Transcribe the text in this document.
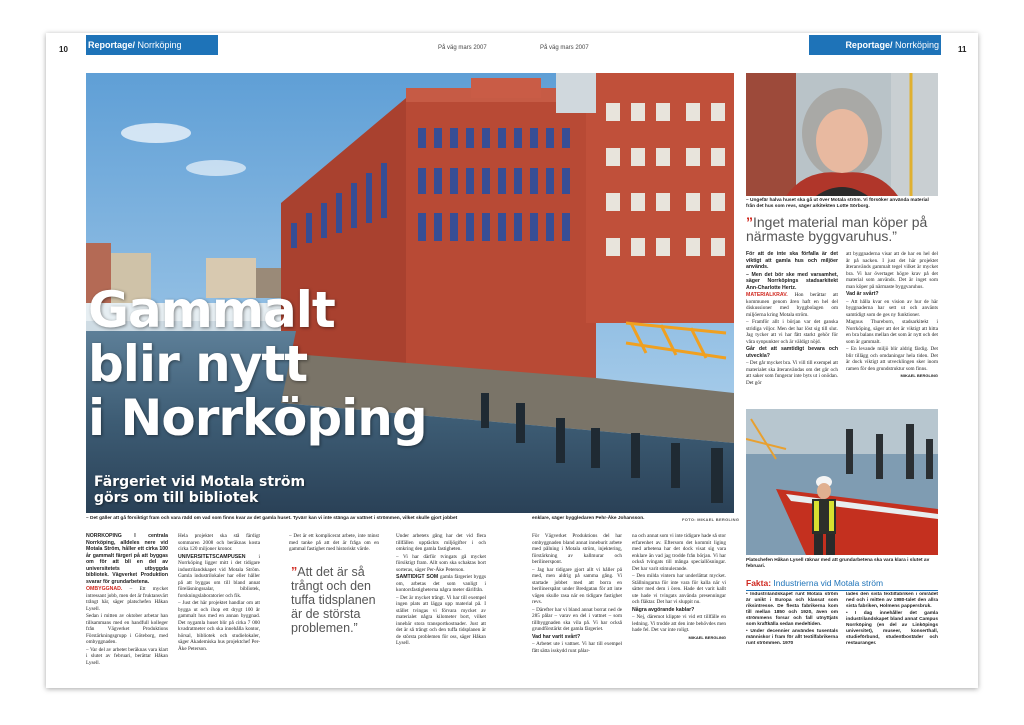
10 Reportage/ Norrköping	På väg mars 2007	På väg mars 2007	Reportage/ Norrköping 11
Gammalt
blir nytt
i Norrköping
Färgeriet vid Motala ström görs om till bibliotek
– Det gäller att gå försiktigt fram och vara rädd om vad som finns kvar av det gamla huset. Tyvärr kan vi inte stänga av vattnet i strömmen, vilket skulle gjort jobbet	enklare, säger byggledaren Pehr-Åke Johansson.	FOTO: MIKAEL BERGLING
– Ungefär halva huset ska gå ut över Motala ström. Vi försöker använda material från det hus som revs, säger arkitekten Lotte Sörborg.
”Inget material man köper på närmaste byggvaruhus.”

För att de inte ska förfalla är det viktigt att gamla hus och miljöer används.

– Men det bör ske med varsamhet, säger Norrköpings stadsarkitekt Ann-Charlotte Hertz.

MATERIALKRAV. Hon berättar att kommunen genom åren haft en hel del diskussioner med byggbolagen om miljöerna kring Motala ström.

– Framför allt i början var det ganska stridiga viljor. Men det har löst sig till slut. Jag tycker att vi har fått starkt gehör för våra synpunkter och är väldigt nöjd.

Går det att samtidigt bevara och utveckla?

– Det går mycket bra. Vi vill till exempel att materialet ska återanvändas om det går och att saker som fungerar inte byts ut i onödan. Det gör

att byggnaderna visar att de har en hel del år på nacken. I just det här projektet återanvänds gammalt tegel vilket är mycket bra. Vi har övertaget högre krav på det material som används. Det är inget som man köper på närmaste byggvaruhus.

Vad är svårt?

– Att hålla kvar en vision av hur de här byggnaderna har sett ut och använts samtidigt som de ges ny funktioner.

Magnus Thureborn, stadsarkitekt i Norrköping, säger att det är viktigt att hitta en bra balans mellan det som är nytt och det som är gammalt.

– En levande miljö blir aldrig färdig. Det blir tillägg och omdaningar hela tiden. Det är dock viktigt att utvecklingen sker inom ramen för den grundstruktur som finns.

MIKAEL BERGLING

Platschefen Håkan Lysell räknar med att grundarbetena ska vara klara i slutet av februari.
Fakta: Industrierna vid Motala ström

• Industrilandskapet runt Motala ström är unikt i Europa och klassat som riksintresse. De flesta fabrikerna kom till mellan 1850 och 1920, även om strömmens forsar och fall utnyttjats som kraftkälla sedan medeltiden.

• Under decennier användes tusentals människor i fram för allt textilfabrikerna runt strömmen. 1970

lades den sista textilfabriken i området ned och i mitten av 1980-talet den allra sista fabriken, Holmens pappersbruk.

• I dag innehåller det gamla industrilandskapet bland annat Campus Norrköping (en del av Linköpings universitet), museer, konserthall, studieförbund, studentbostäder och restauranger.

NORRKÖPING I centrala Norrköping, alldeles nere vid Motala Ström, håller ett cirka 100 år gammalt färgeri på att byggas om för att bli en del av universitetets utbyggda bibliotek. Vägverket Produktion svarar för grundarbetena.

OMBYGGNAD. – Ett mycket intressant jobb, men det är fruktansvärt trångt här, säger platschefen Håkan Lysell.

Sedan i mitten av oktober arbetar han tillsammans med en handfull kolleger från Vägverket Produktions Förstärkningsgrupp i Göteborg, med ombyggnaden.

– Var del av arbetet beräknas vara klart i slutet av februari, berättar Håkan Lysell.

Hela projektet ska stå färdigt sommaren 2008 och beräknas kosta cirka 120 miljoner kronor.

UNIVERSITETSCAMPUSEN i Norrköping ligger mitt i det tidigare industrilandskapet vid Motala Ström. Gamla industrilokaler har eller håller på att byggas om till bland annat föreläsningssalar, bibliotek, forskningslaboratorier och fik.

– Just det här projektet handlar om att bygga ut och ihop ett drygt 100 år gammalt hus med en annan byggnad. Det nygamla huset blir på cirka 7 000 kvadratmeter och ska innehålla kontor, hörsal, bibliotek och studielokaler, säger Akademiska hus projektchef Per-Åke Peterson.

– Det är ett komplicerat arbete, inte minst med tanke på att det är fråga om en gammal fastighet med historiskt värde.

”Att det är så trångt och den tuffa tidsplanen är de största problemen.”

Under arbetets gång har det vid flera tillfällen upptäckts miljögifter i och omkring den gamla fastigheten.

– Vi har därför tvingats gå mycket försiktigt fram. Allt som ska schaktas bort sorteras, säger Per-Åke Peterson.

SAMTIDIGT SOM gamla färgeriet byggs om, arbetas det som vanligt i kontorsfastigheterna några meter därifrån.

– Det är mycket trångt. Vi har till exempel ingen plats att lägga upp material på. I stället tvingas vi förvara mycket av materialet några kilometer bort, vilket innebär stora transportkostnader. Just att det är så trångt och den tuffa tidsplanen är de största problemen för oss, säger Håkan Lysell.

För Vägverket Produktions del har ombyggnaden bland annat inneburit arbete med pålning i Motala ström, injektering, förstärkning av kallmurar och berilinerspont.

– Jag har tidigare gjort allt vi håller på med, men aldrig på samma gång. Vi startade jobbet med att borra en berilinerspånt under Bredgatan för att inte vägen skulle rasa när en tidigare fastighet revs.

– Därefter har vi bland annat borrat ned de 285 pålar – varav en del i vattnet – som tillbyggnaden ska vila på. Vi har också grundförstärkt det gamla färgeriet.

Vad har varit svårt?

– Arbetet ute i vattnet. Vi har till exempel fått sätta isskydd runt pålar-

na och annat som vi inte tidigare hade så stor erfarenhet av. Eftersom det kommit liging med arbetena har det dock visat sig vara enklare än vad jag trodde från början. Vi har också tvingats till många speciallösningar. Det har varit stimulerande.

– Den milda vintern har underlättat mycket. Ställningarna för inte vara för kalla när vi sätter med dem i ören. Hade det varit kallt ute hade vi tvingats använda presenningar och fläktar. Det har vi sluppit nu.

Några avgörande kablar?

– Nej, däremot klippte vi vid ett tillfälle en ledning. Vi trodde att den inte behövdes men hade fel. Det var inte roligt.

MIKAEL BERGLING
